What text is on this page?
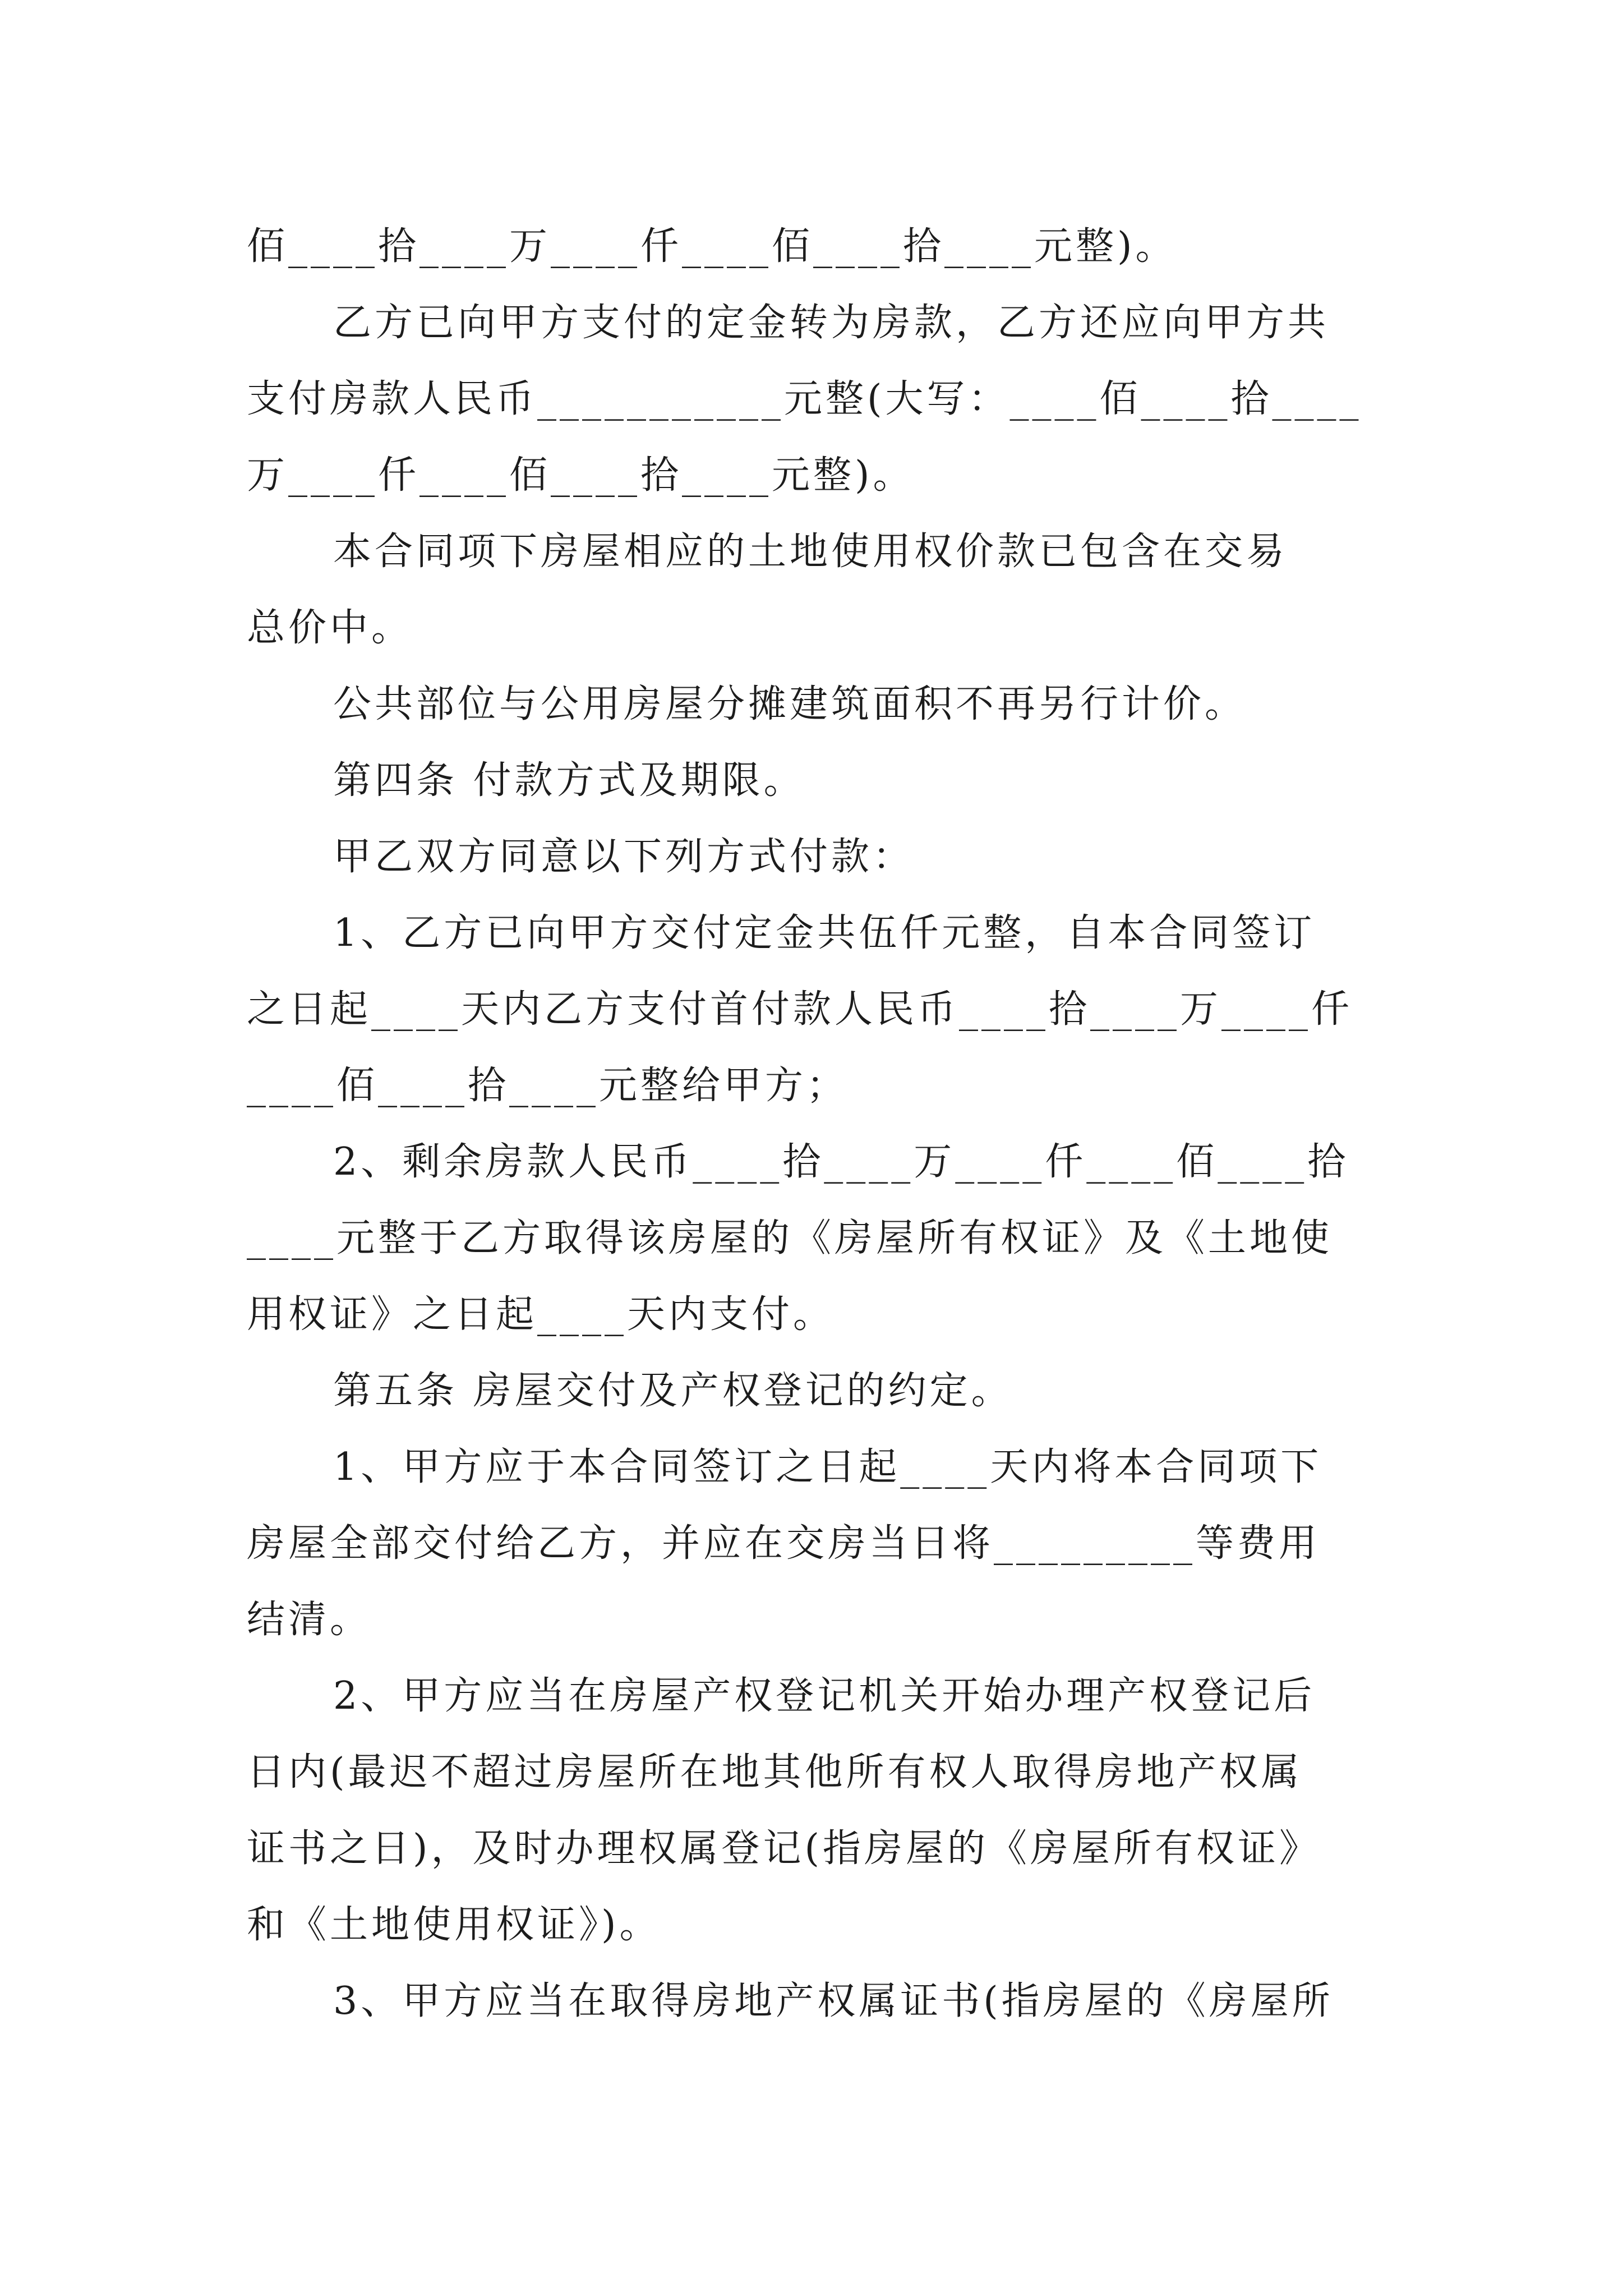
佰____拾____万____仟____佰____拾____元整)。
乙方已向甲方支付的定金转为房款，乙方还应向甲方共
支付房款人民币___________元整(大写：____佰____拾____
万____仟____佰____拾____元整)。
本合同项下房屋相应的土地使用权价款已包含在交易
总价中。
公共部位与公用房屋分摊建筑面积不再另行计价。
第四条 付款方式及期限。
甲乙双方同意以下列方式付款：
1、乙方已向甲方交付定金共伍仟元整，自本合同签订
之日起____天内乙方支付首付款人民币____拾____万____仟
____佰____拾____元整给甲方；
2、剩余房款人民币____拾____万____仟____佰____拾
____元整于乙方取得该房屋的《房屋所有权证》及《土地使
用权证》之日起____天内支付。
第五条 房屋交付及产权登记的约定。
1、甲方应于本合同签订之日起____天内将本合同项下
房屋全部交付给乙方，并应在交房当日将_________等费用
结清。
2、甲方应当在房屋产权登记机关开始办理产权登记后
日内(最迟不超过房屋所在地其他所有权人取得房地产权属
证书之日)，及时办理权属登记(指房屋的《房屋所有权证》
和《土地使用权证》)。
3、甲方应当在取得房地产权属证书(指房屋的《房屋所
